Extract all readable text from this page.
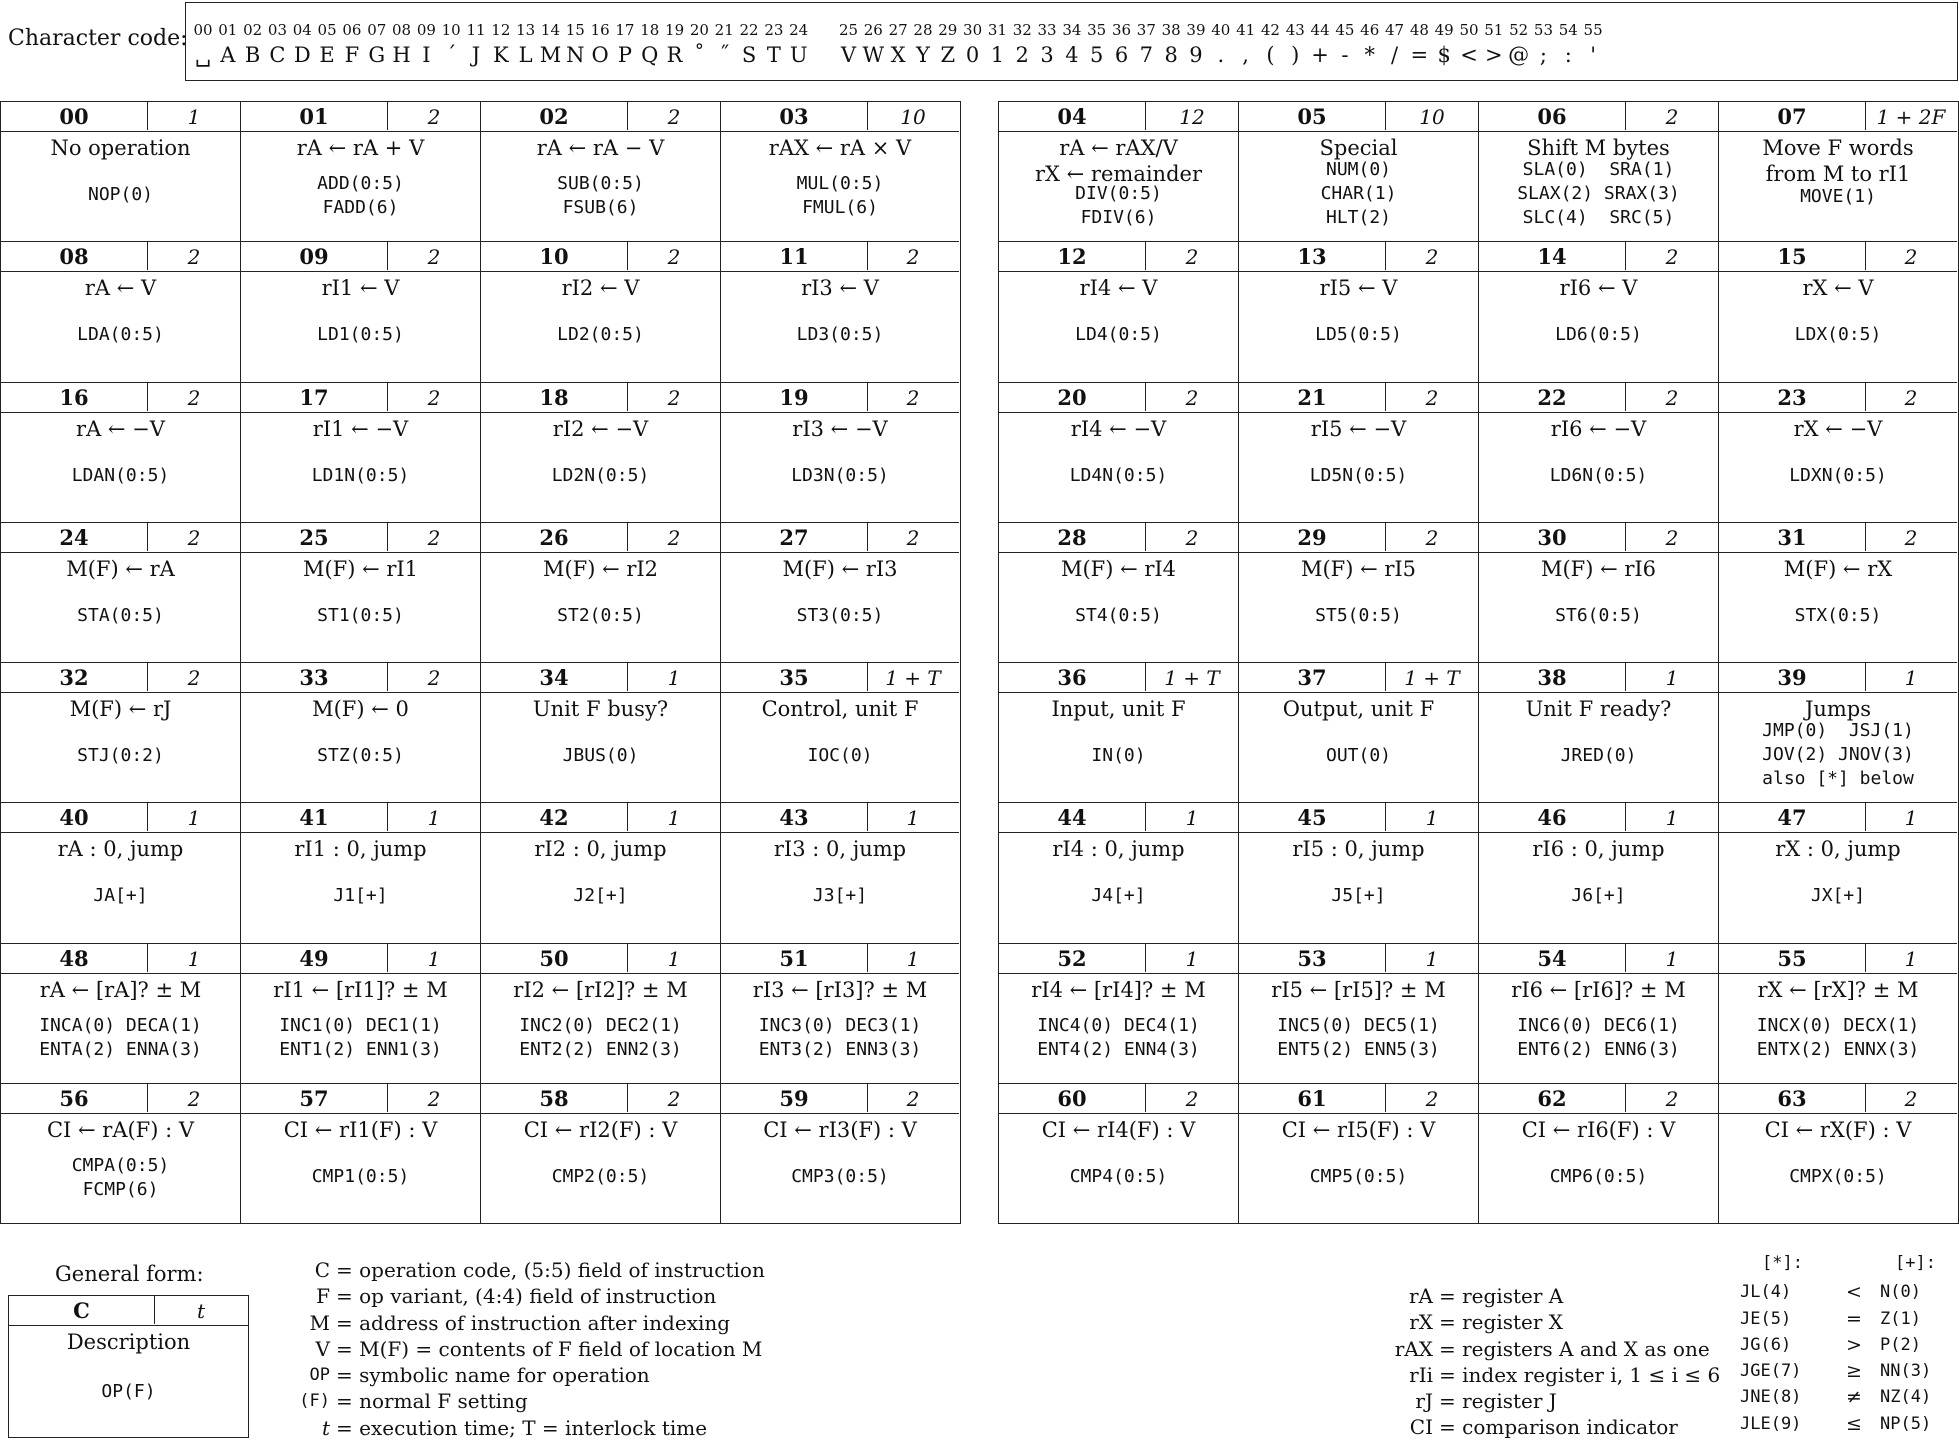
Character code: 00
␣
01
A
02
B
03
C
04
D
05
E
06
F
07
G
08
H
09
I
10
´
11
J
12
K
13
L
14
M
15
N
16
O
17
P
18
Q
19
R
20
˚
21
˝
22
S
23
T
24
U
25
V
26
W
27
X
28
Y
29
Z
30
0
31
1
32
2
33
3
34
4
35
5
36
6
37
7
38
8
39
9
40
.
41
,
42
(
43
)
44
+
45
-
46
*
47
/
48
=
49
$
50
<
51
>
52
@
53
;
54
:
55
'
00	1
No operation
NOP(0)
01	2
rA ← rA + V
ADD(0:5)
FADD(6)
02	2
rA ← rA − V
SUB(0:5)
FSUB(6)
03	10
rAX ← rA × V
MUL(0:5)
FMUL(6)
08	2
rA ← V
LDA(0:5)
09	2
rI1 ← V
LD1(0:5)
10	2
rI2 ← V
LD2(0:5)
11	2
rI3 ← V
LD3(0:5)
16	2
rA ← −V
LDAN(0:5)
17	2
rI1 ← −V
LD1N(0:5)
18	2
rI2 ← −V
LD2N(0:5)
19	2
rI3 ← −V
LD3N(0:5)
24	2
M(F) ← rA
STA(0:5)
25	2
M(F) ← rI1
ST1(0:5)
26	2
M(F) ← rI2
ST2(0:5)
27	2
M(F) ← rI3
ST3(0:5)
32	2
M(F) ← rJ
STJ(0:2)
33	2
M(F) ← 0
STZ(0:5)
34	1
Unit F busy?
JBUS(0)
35	1 + T
Control, unit F
IOC(0)
40	1
rA : 0, jump
JA[+]
41	1
rI1 : 0, jump
J1[+]
42	1
rI2 : 0, jump
J2[+]
43	1
rI3 : 0, jump
J3[+]
48	1
rA ← [rA]? ± M
INCA(0) DECA(1)
ENTA(2) ENNA(3)
49	1
rI1 ← [rI1]? ± M
INC1(0) DEC1(1)
ENT1(2) ENN1(3)
50	1
rI2 ← [rI2]? ± M
INC2(0) DEC2(1)
ENT2(2) ENN2(3)
51	1
rI3 ← [rI3]? ± M
INC3(0) DEC3(1)
ENT3(2) ENN3(3)
56	2
CI ← rA(F) : V
CMPA(0:5)
FCMP(6)
57	2
CI ← rI1(F) : V
CMP1(0:5)
58	2
CI ← rI2(F) : V
CMP2(0:5)
59	2
CI ← rI3(F) : V
CMP3(0:5)
04	12
rA ← rAX/V
rX ← remainder
DIV(0:5)
FDIV(6)
05	10
Special
NUM(0)
CHAR(1)
HLT(2)
06	2
Shift M bytes
SLA(0)  SRA(1)
SLAX(2) SRAX(3)
SLC(4)  SRC(5)
07	1 + 2F
Move F words
from M to rI1
MOVE(1)
12	2
rI4 ← V
LD4(0:5)
13	2
rI5 ← V
LD5(0:5)
14	2
rI6 ← V
LD6(0:5)
15	2
rX ← V
LDX(0:5)
20	2
rI4 ← −V
LD4N(0:5)
21	2
rI5 ← −V
LD5N(0:5)
22	2
rI6 ← −V
LD6N(0:5)
23	2
rX ← −V
LDXN(0:5)
28	2
M(F) ← rI4
ST4(0:5)
29	2
M(F) ← rI5
ST5(0:5)
30	2
M(F) ← rI6
ST6(0:5)
31	2
M(F) ← rX
STX(0:5)
36	1 + T
Input, unit F
IN(0)
37	1 + T
Output, unit F
OUT(0)
38	1
Unit F ready?
JRED(0)
39	1
Jumps
JMP(0)  JSJ(1)
JOV(2) JNOV(3)
also [*] below
44	1
rI4 : 0, jump
J4[+]
45	1
rI5 : 0, jump
J5[+]
46	1
rI6 : 0, jump
J6[+]
47	1
rX : 0, jump
JX[+]
52	1
rI4 ← [rI4]? ± M
INC4(0) DEC4(1)
ENT4(2) ENN4(3)
53	1
rI5 ← [rI5]? ± M
INC5(0) DEC5(1)
ENT5(2) ENN5(3)
54	1
rI6 ← [rI6]? ± M
INC6(0) DEC6(1)
ENT6(2) ENN6(3)
55	1
rX ← [rX]? ± M
INCX(0) DECX(1)
ENTX(2) ENNX(3)
60	2
CI ← rI4(F) : V
CMP4(0:5)
61	2
CI ← rI5(F) : V
CMP5(0:5)
62	2
CI ← rI6(F) : V
CMP6(0:5)
63	2
CI ← rX(F) : V
CMPX(0:5)
General form:
C	t
Description
OP(F)
C = operation code, (5:5) field of instruction
F = op variant, (4:4) field of instruction
M = address of instruction after indexing
V = M(F) = contents of F field of location M
OP = symbolic name for operation
(F) = normal F setting
t = execution time; T = interlock time
rA = register A
rX = register X
rAX = registers A and X as one
rIi = index register i, 1 ≤ i ≤ 6
rJ = register J
CI = comparison indicator
[*]:	[+]:
JL(4)	<	N(0)
JE(5)	=	Z(1)
JG(6)	>	P(2)
JGE(7)	≥	NN(3)
JNE(8)	≠	NZ(4)
JLE(9)	≤	NP(5)
